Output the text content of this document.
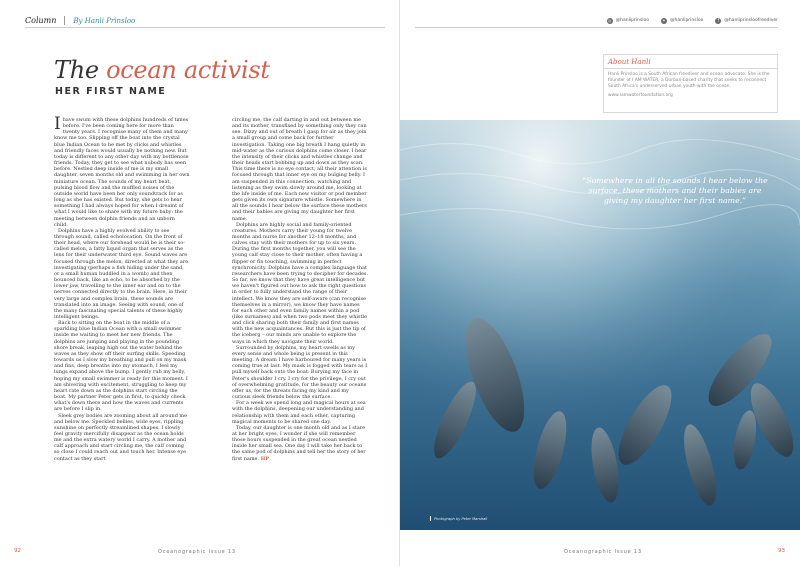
Column	By Hanli Prinsloo
The ocean activist
HER FIRST NAME

Ihave swum with these dolphins hundreds of times before. I've been coming here for more than twenty years. I recognise many of them and many know me too. Slipping off the boat into the crystal blue Indian Ocean to be met by clicks and whistles and friendly faces would usually be nothing new. But today is different to any other day with my bottlenose friends. Today, they get to see what nobody has seen before. Nestled deep inside of me is my small daughter, seven months old and swimming in her own miniature ocean. The sounds of my heart beat, pulsing blood flow and the muffled noises of the outside world have been her only soundtrack for as long as she has existed. But today, she gets to hear something I had always hoped for when I dreamt of what I would like to share with my future baby: the meeting between dolphin friends and an unborn child.

Dolphins have a highly evolved ability to see through sound, called echolocation. On the front of their head, where our forehead would be is their so-called melon, a fatty liquid organ that serves as the lens for their underwater third eye. Sound waves are focused through the melon, directed at what they are investigating (perhaps a fish hiding under the sand, or a small human huddled in a womb) and then bounced back, like an echo, to be absorbed by the lower jaw, travelling to the inner ear and on to the nerves connected directly to the brain. Here, in their very large and complex brain, these sounds are translated into an image. Seeing with sound, one of the many fascinating special talents of these highly intelligent beings.

Back to sitting on the boat in the middle of a sparkling blue Indian Ocean with a small swimmer inside me waiting to meet her new friends. The dolphins are jumping and playing in the pounding shore break, leaping high out the water behind the waves as they show off their surfing skills. Speeding towards us I slow my breathing and pull on my mask and fins, deep breaths into my stomach, I feel my lungs expand above the bump. I gently rub my belly, hoping my small swimmer is ready for this moment. I am shivering with excitement, struggling to keep my heart rate down as the dolphins start circling the boat. My partner Peter gets in first, to quickly check what's down there and how the waves and currents are before I slip in.

Sleek grey bodies are zooming about all around me and below me. Speckled bellies, wide eyes, rippling sunshine on perfectly streamlined shapes. I slowly feel gravity mercifully disappear as the ocean holds me and the extra watery world I carry. A mother and calf approach and start circling me, the calf coming so close I could reach out and touch her. Intense eye contact as they start

circling me, the calf darting in and out between me and its mother, transfixed by something only they can see. Dizzy and out of breath I gasp for air as they join a small group and come back for further investigation. Taking one big breath I hang quietly in mid-water as the curious dolphins come closer. I hear the intensity of their clicks and whistles change and their heads start bobbing up and down as they scan. This time there is no eye contact, all their attention is focused through that inner eye on my bulging belly. I am suspended in this connection, watching and listening as they swim slowly around me, looking at the life inside of me. Each new visitor or pod member gets given its own signature whistle. Somewhere in all the sounds I hear below the surface these mothers and their babies are giving my daughter her first name.

Dolphins are highly social and family-oriented creatures. Mothers carry their young for twelve months and nurse for another 12–18 months, and calves stay with their mothers for up to six years. During the first months together, you will see the young calf stay close to their mother, often having a flipper or fin touching, swimming in perfect synchronicity. Dolphins have a complex language that researchers have been trying to decipher for decades. So far, we know that they have great intelligence but we haven't figured out how to ask the right questions in order to fully understand the range of their intellect. We know they are self-aware (can recognise themselves in a mirror), we know they have names for each other and even family names within a pod (like surnames) and when two pods meet they whistle and click sharing both their family and first names with the new acquaintances. But this is just the tip of the iceberg – our minds are unable to explore the ways in which they navigate their world.

Surrounded by dolphins, my heart swells as my every sense and whole being is present in this meeting. A dream I have harboured for many years is coming true at last. My mask is fogged with tears as I pull myself back onto the boat. Burying my face in Peter's shoulder I cry. I cry for the privilege, I cry out of overwhelming gratitude, for the beauty our oceans offer us, for the threats facing my kind and my curious sleek friends below the surface.

For a week we spend long and magical hours at sea with the dolphins, deepening our understanding and relationship with them and each other, capturing magical moments to be shared one day.

Today, our daughter is one month old and as I stare at her bright eyes, I wonder if she will remember those hours suspended in the great ocean nestled inside her small sea. One day I will take her back to the same pod of dolphins and tell her the story of her first name. HP

92	Oceanographic Issue 13
◎ @hanliprinsloo	✦ @hanliprinsloo	f	@hanliprinsloofreediver
About Hanli
Hanli Prinsloo is a South African freediver and ocean advocate. She is the founder of I AM WATER, a Durban-based charity that seeks to reconnect South Africa's underserved urban youth with the ocean.
www.iamwaterfoundation.org
“Somewhere in all the sounds I hear below the surface, these mothers and their babies are giving my daughter her first name.”
Photograph by Peter Marshall
Oceanographic Issue 13	93
